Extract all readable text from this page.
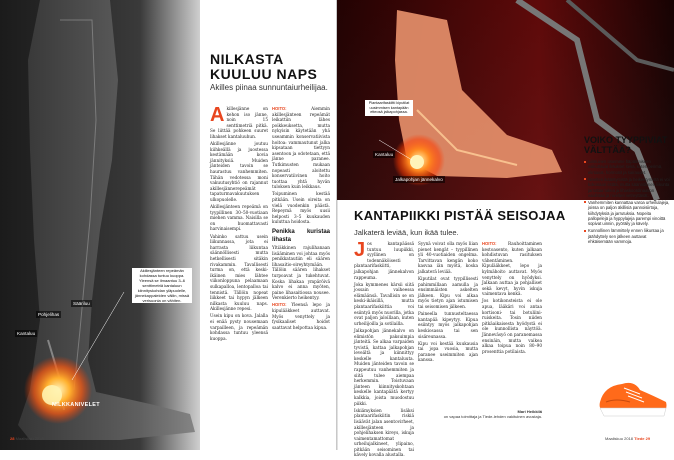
Akillesjänteen repeämän kohdassa tuntuu kuoppa. Yleensä se ilmaantuu 3–6 senttimetriä kantaluun kiinnityskohdan yläpuolelle, jännekappaleiden väliin, missä verisuonia on vähiten.
Pohjelihas
Sääriluu
Kantaluu
NILKKANIVELET
NILKASTA KUULUU NAPS
Akilles piinaa sunnuntaiurheilijaa.

Akillesjänne on kehon iso jänne, noin 15 senttimetriä pitkä. Se liittää pohkeen suuret lihakset kantaluuhun.

Akillesjänne joutuu kiihkeällä ja juostessa kestämään kovia jännityksiä. Muiden jänteiden tavoin se haurastuu vanhemmiten. Tähän vedotessa moni vakuutusyhtiö on rajannut akillesjännerepeämät tapaturmavakuutuksen ulkopuolelle.

Akillesjänteen repeämä on tyypillinen 30–50-vuotiaan miehen vamma. Naisilla se on huomattavasti harvinaisempi.

Vahinko sattuu usein liikunnassa, jota ei harrasta liikuntaa säännöllisesti mutta hetkellisesti sitäkin rivakammin. Tavallisesti turma on, että keski-ikäinen mies lähtee viikonloppuna pelaamaan sulkapalloa, lentopalloa tai tennistä. Tällöin nopeat liikkeet tai hypyn jälkeen nilkasta kuuluu naps. Akillesjänne repesi.

Usein kipu on kova. Jalalla ei enää pysty nousemaan varpailleen, ja repeämän kohdassa tuntuu yleensä kuoppa.

HOITO:	Aiemmin akillesjänteen repeämät leikattiin lähes poikkeuksetta, mutta nykyisin käytetään yhä useammin konservatiivista hoitoa: vammautunut jalka kipsataan tiettyyn asentoon ja odotetaan, että jänne paranee. Tutkimusten mukaan nopeasti aloitettu konservatiivinen hoito tuottaa yhtä hyvän tuloksen kuin leikkaus.

Toipuminen kestää pitkään. Usein oireita on vielä vuodenkin päästä. Repeymä myös uusii helposti 3–5 kuukauden kuluttua hoidosta.

Penikka kuristaa lihasta

Yltiäkkinen rajulihanaan lisääminen voi johtaa myös penikkatautiin eli säären lihasaitio-oireyhtymään. Tällöin säären lihakset turpoavat ja tukehtuvat. Koska lihakaa ympäröivä kalvo ei anna myöten, paine lihasaitiossa nousee. Verenkierto heikentyy.

HOITO: Yleensä lepo ja kipulääkkeet auttavat. Myös venyttely ja fysikaaliset hoidot saattavat helpottaa kipua.

28 Maaliskuu 2018
Plantaarifaskiitti kiputilat uusimmisen kantapään etteosä jalkapohjassa.
Kantaluu
Jalkapohjan jännekalvo
KANTAPIIKKI PISTÄÄ SEISOJAA
Jalkaterä leviää, kun ikää tulee.

Jos kantapäässä tuntuu luupiikki, syyllinen on todennäköisesti plantaarifaskiitti, jalkapohjan jännekalvon rappeuma.

Joka kymmenes kärsii siitä jossain vaiheessa elämäänsä. Tavallisin se on keski-ikäisillä, mutta plantaarifaskiittia voi esiintyä myös nuorilla, jotka ovat paljon jaloillaan, kuten urheilijoilla ja sotilailla.

Jalkapohjan jännekalvo on elimistön paksuimpia jänteitä. Se alkaa varpaiden tyvistä, kattaa jalkapohjan leveältä ja kiinnittyy keskelle kantaluuta. Muiden jänteiden tavoin se rappeutuu vanhemmiten ja siitä tulee aiempaa herkemmin. Toistuvaan jänteen kiinnityskohtaan keskelle kantapäätä kertyy kalkkia, joista muodostuu piikki.

Iskiämyksien lisäksi plantaarifaskiitin riskiä lisäävät jalan asentovirheet, akillesjänteen ja pohjelihaksen kireys, iskuja vaimentamattomat urheilujalkineet, ylipaino, pitkään seisominen tai kävely kovalla alustalla.

Syynä voivat olla myös liian pienet kengät – tyypillinen yli 40-vuotiaiden ongelma. Tarvittavan kengän koko kasvaa iän myötä, koska jalkaterä leviää.

Kiputilat ovat tyypillisesti pahimmillaan aamulla ja ensimmäisten askelten jälkeen. Kipu voi alkaa myös tietyn ajan istumisen tai seisomisen jälkeen.

Paineella tunnusteltaessa kantapää kipeytyy. Kipua esiintyy myös jalkapohjan keskiosassa tai sen sisäreunassa.

Kipu voi kestää kuukausia tai jopa vuosia, mutta paranee useimmiten ajan kanssa.

HOITO:	Rauhoittaminen kestoasento, kuten jalkaan kohdistuvan rasituksen vähentäminen. Kipulääkkeet, lepo ja kylmähoito auttavat. Myös venyttely on hyödyksi. Jalkaan auttaa ja pohjalliset sekä kevyt, hyvin iskuja vaimentava kenkä.

Jos kotikonsteista ei ole apua, lääkäri voi antaa kortisoni- tai botuliini-ruiskeita. Tosin niiden pitkäaikaisesta hyödystä ei ole kunnollista näyttöä. Jänneväsyö on paranemassa ensinäin, mutta vaikea alkaa toipua noin 80–90 prosenttia potilaista.

Mari Heikkilä
on vapaa toimittaja ja Tiede-lehden vakituinen avustaja.
VOIKO TYYPPIVIAT VÄLTTÄÄ?
Liikkuvien osiemme häpäämiseen vaikuttavat ikäukset sekä, kuten perimä, elintavat, hormonit ja sairaudet.
Nivelten ikääntymistä ja heikentymistä ei voi kokonaan estää, mutta säännöllinen liikunta jarruttaa tukea ja lihaskoordinaation vaalintaa ja nivelten vetreyttävät.
Vanhemmiten kannattaa varoa urheilulajeja, joissa on paljon äkillisiä pannoisiirtoja, kiihdytyksiä ja jarrutuksia. Nopeita pallopelejä ja hyppylajeja parempi vinoittä sopivat uinnin, pyöräily ja kävely.
Kunnollinen lämmittely ennen liikuntaa ja jäähdyttely sen jälkeen auttavat ehkäisemään vammoja.
Maaliskuu 2018 Tiede 29
